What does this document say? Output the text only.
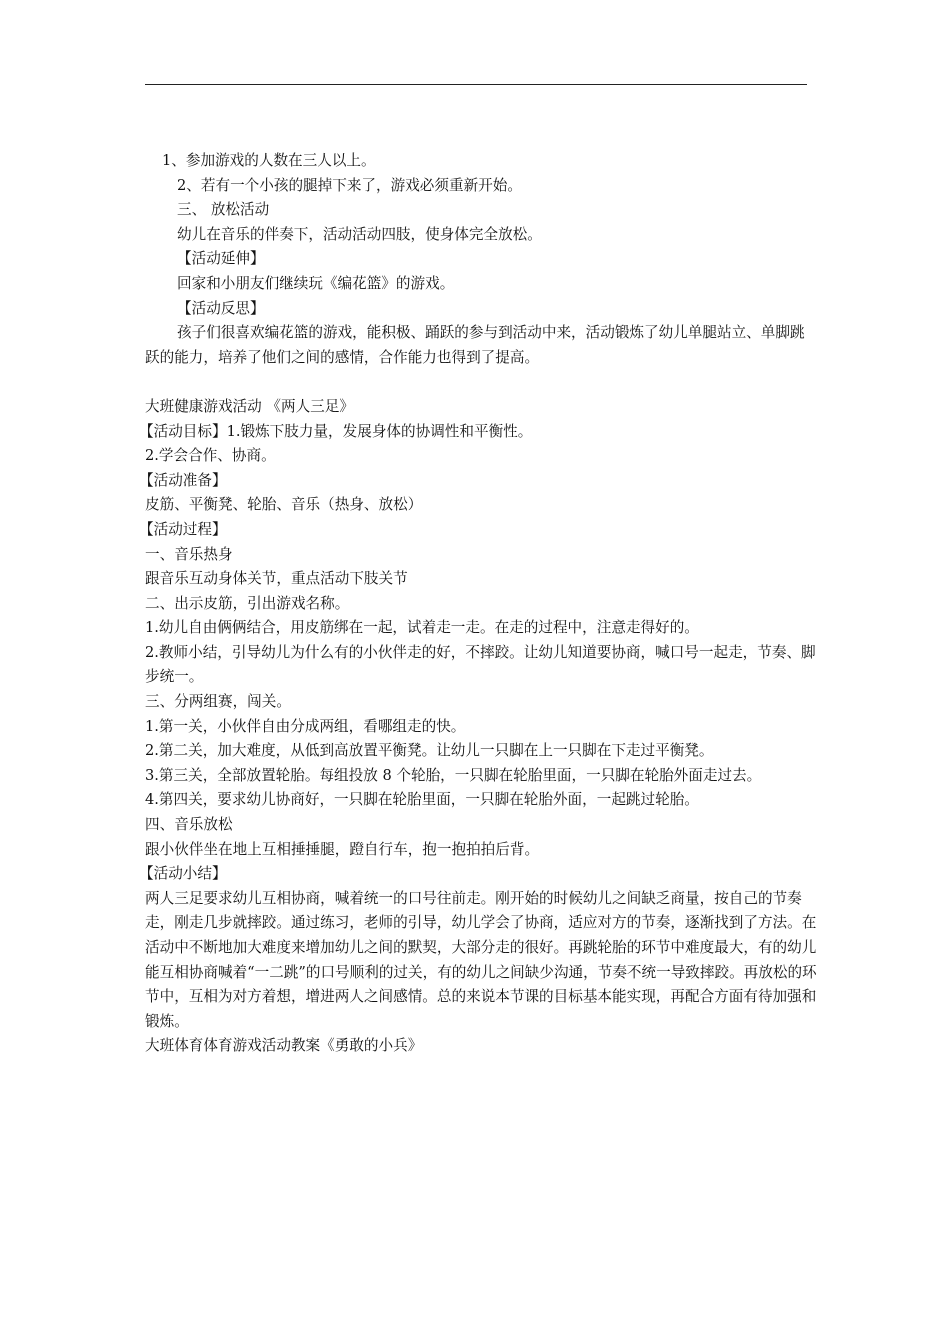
1、参加游戏的人数在三人以上。

2、若有一个小孩的腿掉下来了，游戏必须重新开始。

三、 放松活动

幼儿在音乐的伴奏下，活动活动四肢，使身体完全放松。

【活动延伸】

回家和小朋友们继续玩《编花篮》的游戏。

【活动反思】

孩子们很喜欢编花篮的游戏，能积极、踊跃的参与到活动中来，活动锻炼了幼儿单腿站立、单脚跳跃的能力，培养了他们之间的感情，合作能力也得到了提高。

大班健康游戏活动 《两人三足》

【活动目标】1.锻炼下肢力量，发展身体的协调性和平衡性。

2.学会合作、协商。

【活动准备】

皮筋、平衡凳、轮胎、音乐（热身、放松）

【活动过程】

一、音乐热身

跟音乐互动身体关节，重点活动下肢关节

二、出示皮筋，引出游戏名称。

1.幼儿自由俩俩结合，用皮筋绑在一起，试着走一走。在走的过程中，注意走得好的。

2.教师小结，引导幼儿为什么有的小伙伴走的好，不摔跤。让幼儿知道要协商，喊口号一起走，节奏、脚步统一。

三、分两组赛，闯关。

1.第一关，小伙伴自由分成两组，看哪组走的快。

2.第二关，加大难度，从低到高放置平衡凳。让幼儿一只脚在上一只脚在下走过平衡凳。

3.第三关，全部放置轮胎。每组投放 8 个轮胎，一只脚在轮胎里面，一只脚在轮胎外面走过去。

4.第四关，要求幼儿协商好，一只脚在轮胎里面，一只脚在轮胎外面，一起跳过轮胎。

四、音乐放松

跟小伙伴坐在地上互相捶捶腿，蹬自行车，抱一抱拍拍后背。

【活动小结】

两人三足要求幼儿互相协商，喊着统一的口号往前走。刚开始的时候幼儿之间缺乏商量，按自己的节奏走，刚走几步就摔跤。通过练习，老师的引导，幼儿学会了协商，适应对方的节奏，逐渐找到了方法。在活动中不断地加大难度来增加幼儿之间的默契，大部分走的很好。再跳轮胎的环节中难度最大，有的幼儿能互相协商喊着“一二跳”的口号顺利的过关，有的幼儿之间缺少沟通，节奏不统一导致摔跤。再放松的环节中，互相为对方着想，增进两人之间感情。总的来说本节课的目标基本能实现，再配合方面有待加强和锻炼。

大班体育体育游戏活动教案《勇敢的小兵》
